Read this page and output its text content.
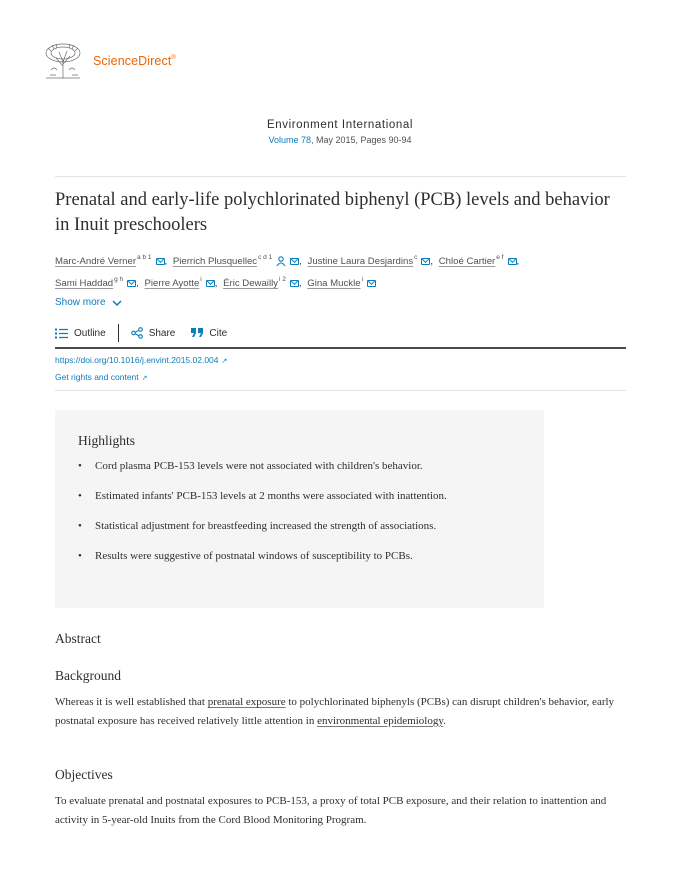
ScienceDirect®
Environment International
Volume 78, May 2015, Pages 90-94
Prenatal and early-life polychlorinated biphenyl (PCB) levels and behavior in Inuit preschoolers
Marc-André Verner$^{a b 1}$ , Pierrich Plusquellec$^{c d 1}$	, Justine Laura Desjardins$^c$ , Chloé Cartier$^{e f}$ ,
Sami Haddad$^{g h}$ , Pierre Ayotte$^i$ , Éric Dewailly$^{i 2}$ , Gina Muckle$^i$
Show more
Outline	Share	Cite
https://doi.org/10.1016/j.envint.2015.02.004 ↗
Get rights and content ↗
Highlights
•	Cord plasma PCB-153 levels were not associated with children's behavior.
•	Estimated infants' PCB-153 levels at 2 months were associated with inattention.
•	Statistical adjustment for breastfeeding increased the strength of associations.
•	Results were suggestive of postnatal windows of susceptibility to PCBs.
Abstract
Background

Whereas it is well established that prenatal exposure to polychlorinated biphenyls (PCBs) can disrupt children's behavior, early postnatal exposure has received relatively little attention in environmental epidemiology.

Objectives

To evaluate prenatal and postnatal exposures to PCB-153, a proxy of total PCB exposure, and their relation to inattention and activity in 5-year-old Inuits from the Cord Blood Monitoring Program.
